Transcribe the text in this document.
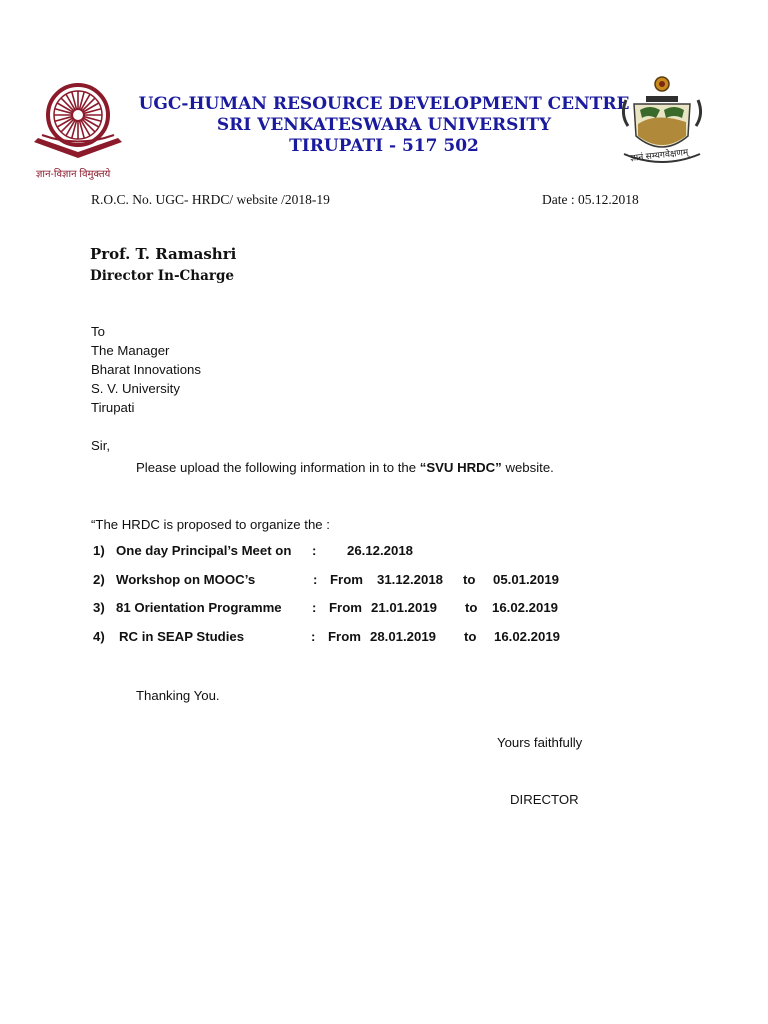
ज्ञान-विज्ञान विमुक्तये
UGC-HUMAN RESOURCE DEVELOPMENT CENTRE
SRI VENKATESWARA UNIVERSITY
TIRUPATI - 517 502	ज्ञानं सम्यगवेक्षणम्
R.O.C. No. UGC- HRDC/ website /2018-19	Date : 05.12.2018
Prof. T. Ramashri
Director In-Charge
To
The Manager
Bharat Innovations
S. V. University
Tirupati
Sir,
Please upload the following information in to the “SVU HRDC” website.
“The HRDC is proposed to organize the :
1) One day Principal’s Meet on : 26.12.2018
2) Workshop on MOOC’s	: From 31.12.2018 to 05.01.2019
3) 81 Orientation Programme : From 21.01.2019 to 16.02.2019
4) RC in SEAP Studies	: From 28.01.2019 to 16.02.2019
Thanking You.
Yours faithfully
DIRECTOR
